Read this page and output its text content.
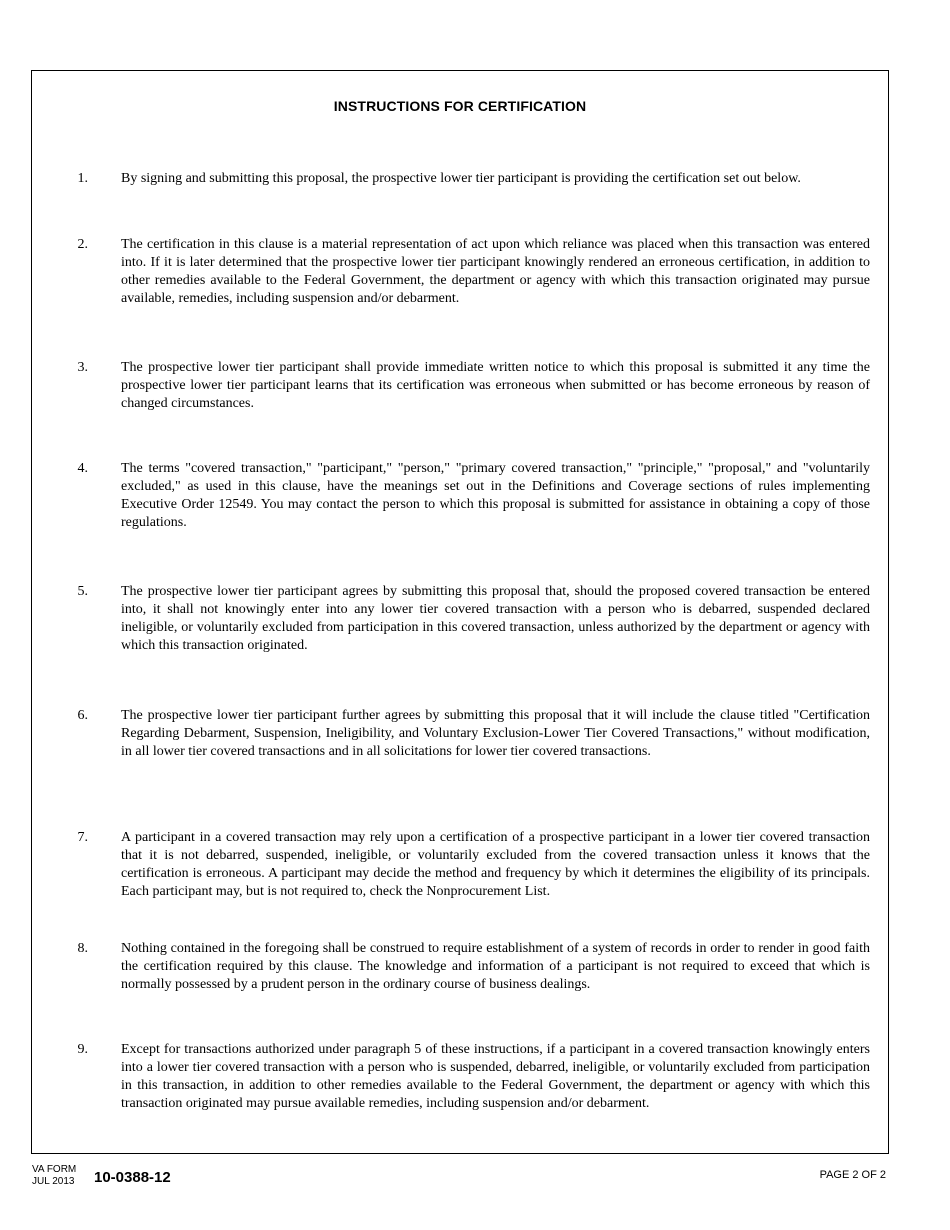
INSTRUCTIONS FOR CERTIFICATION
1. By signing and submitting this proposal, the prospective lower tier participant is providing the certification set out below.
2. The certification in this clause is a material representation of act upon which reliance was placed when this transaction was entered into. If it is later determined that the prospective lower tier participant knowingly rendered an erroneous certification, in addition to other remedies available to the Federal Government, the department or agency with which this transaction originated may pursue available, remedies, including suspension and/or debarment.
3. The prospective lower tier participant shall provide immediate written notice to which this proposal is submitted it any time the prospective lower tier participant learns that its certification was erroneous when submitted or has become erroneous by reason of changed circumstances.
4. The terms "covered transaction," "participant," "person," "primary covered transaction," "principle," "proposal," and "voluntarily excluded," as used in this clause, have the meanings set out in the Definitions and Coverage sections of rules implementing Executive Order 12549. You may contact the person to which this proposal is submitted for assistance in obtaining a copy of those regulations.
5. The prospective lower tier participant agrees by submitting this proposal that, should the proposed covered transaction be entered into, it shall not knowingly enter into any lower tier covered transaction with a person who is debarred, suspended declared ineligible, or voluntarily excluded from participation in this covered transaction, unless authorized by the department or agency with which this transaction originated.
6. The prospective lower tier participant further agrees by submitting this proposal that it will include the clause titled "Certification Regarding Debarment, Suspension, Ineligibility, and Voluntary Exclusion-Lower Tier Covered Transactions," without modification, in all lower tier covered transactions and in all solicitations for lower tier covered transactions.
7. A participant in a covered transaction may rely upon a certification of a prospective participant in a lower tier covered transaction that it is not debarred, suspended, ineligible, or voluntarily excluded from the covered transaction unless it knows that the certification is erroneous. A participant may decide the method and frequency by which it determines the eligibility of its principals. Each participant may, but is not required to, check the Nonprocurement List.
8. Nothing contained in the foregoing shall be construed to require establishment of a system of records in order to render in good faith the certification required by this clause. The knowledge and information of a participant is not required to exceed that which is normally possessed by a prudent person in the ordinary course of business dealings.
9. Except for transactions authorized under paragraph 5 of these instructions, if a participant in a covered transaction knowingly enters into a lower tier covered transaction with a person who is suspended, debarred, ineligible, or voluntarily excluded from participation in this transaction, in addition to other remedies available to the Federal Government, the department or agency with which this transaction originated may pursue available remedies, including suspension and/or debarment.
VA FORM
JUL 2013 10-0388-12	PAGE 2 OF 2
